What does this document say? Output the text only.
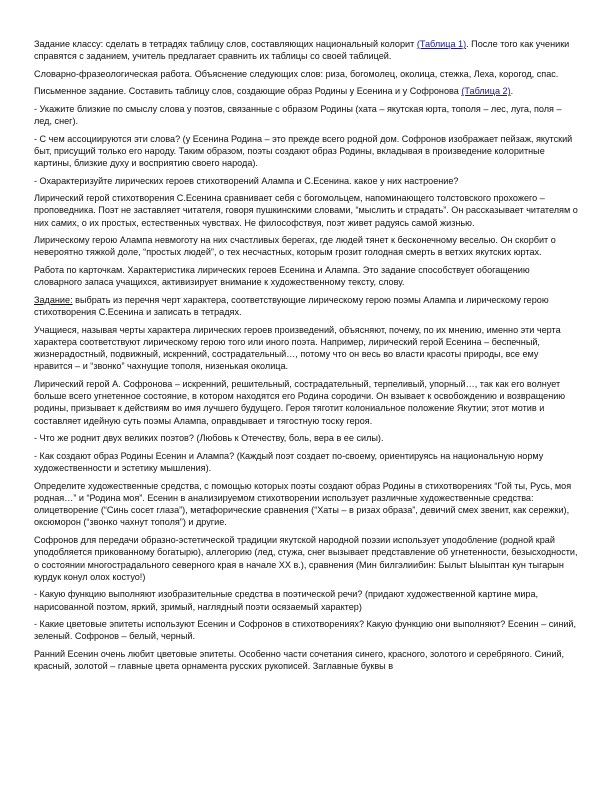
Задание классу: сделать в тетрадях таблицу слов, составляющих национальный колорит (Таблица 1). После того как ученики справятся с заданием, учитель предлагает сравнить их таблицы со своей таблицей.

Словарно-фразеологическая работа. Объяснение следующих слов: риза, богомолец, околица, стежка, Леха, корогод, спас.

Письменное задание. Составить таблицу слов, создающие образ Родины у Есенина и у Софронова (Таблица 2).

- Укажите близкие по смыслу слова у поэтов, связанные с образом Родины (хата – якутская юрта, тополя – лес, луга, поля – лед, снег).

- С чем ассоциируются эти слова? (у Есенина Родина – это прежде всего родной дом. Софронов изображает пейзаж, якутский быт, присущий только его народу. Таким образом, поэты создают образ Родины, вкладывая в произведение колоритные картины, близкие духу и восприятию своего народа).

- Охарактеризуйте лирических героев стихотворений Алампа и С.Есенина. какое у них настроение?

Лирический герой стихотворения С.Есенина сравнивает себя с богомольцем, напоминающего толстовского прохожего – проповедника. Поэт не заставляет читателя, говоря пушкинскими словами, “мыслить и страдать”. Он рассказывает читателям о них самих, о их простых, естественных чувствах. Не философствуя, поэт живет радуясь самой жизнью.

Лирическому герою Алампа невмоготу на них счастливых берегах, где людей тянет к бесконечному веселью. Он скорбит о невероятно тяжкой доле, “простых людей”, о тех несчастных, которым грозит голодная смерть в ветхих якутских юртах.

Работа по карточкам. Характеристика лирических героев Есенина и Алампа. Это задание способствует обогащению словарного запаса учащихся, активизирует внимание к художественному тексту, слову.

Задание: выбрать из перечня черт характера, соответствующие лирическому герою поэмы Алампа и лирическому герою стихотворения С.Есенина и записать в тетрадях.

Учащиеся, называя черты характера лирических героев произведений, объясняют, почему, по их мнению, именно эти черта характера соответствуют лирическому герою того или иного поэта. Например, лирический герой Есенина – беспечный, жизнерадостный, подвижный, искренний, сострадательный…, потому что он весь во власти красоты природы, все ему нравится – и “звонко” чахнущие тополя, низенькая околица.

Лирический герой А. Софронова – искренний, решительный, сострадательный, терпеливый, упорный…, так как его волнует больше всего угнетенное состояние, в котором находятся его Родина сородичи. Он взывает к освобождению и возвращению родины, призывает к действиям во имя лучшего будущего. Героя тяготит колониальное положение Якутии; этот мотив и составляет идейную суть поэмы Алампа, оправдывает и тягостную тоску героя.

- Что же роднит двух великих поэтов? (Любовь к Отечеству, боль, вера в ее силы).

- Как создают образ Родины Есенин и Алампа? (Каждый поэт создает по-своему, ориентируясь на национальную норму художественности и эстетику мышления).

Определите художественные средства, с помощью которых поэты создают образ Родины в стихотворениях “Гой ты, Русь, моя родная…” и “Родина моя”. Есенин в анализируемом стихотворении использует различные художественные средства: олицетворение (“Синь сосет глаза”), метафорические сравнения (“Хаты – в ризах образа”, девичий смех звенит, как сережки), оксюморон (“звонко чахнут тополя”) и другие.

Софронов для передачи образно-эстетической традиции якутской народной поэзии использует уподобление (родной край уподобляется прикованному богатырю), аллегорию (лед, стужа, снег вызывает представление об угнетенности, безысходности, о состоянии многострадального северного края в начале XX в.), сравнения (Мин билгэлиибин: Былыт Ыыыптан кун тыгарын курдук конул олох костуо!)

- Какую функцию выполняют изобразительные средства в поэтической речи? (придают художественной картине мира, нарисованной поэтом, яркий, зримый, наглядный поэти осязаемый характер)

- Какие цветовые эпитеты используют Есенин и Софронов в стихотворениях? Какую функцию они выполняют? Есенин – синий, зеленый. Софронов – белый, черный.

Ранний Есенин очень любит цветовые эпитеты. Особенно части сочетания синего, красного, золотого и серебряного. Синий, красный, золотой – главные цвета орнамента русских рукописей. Заглавные буквы в
